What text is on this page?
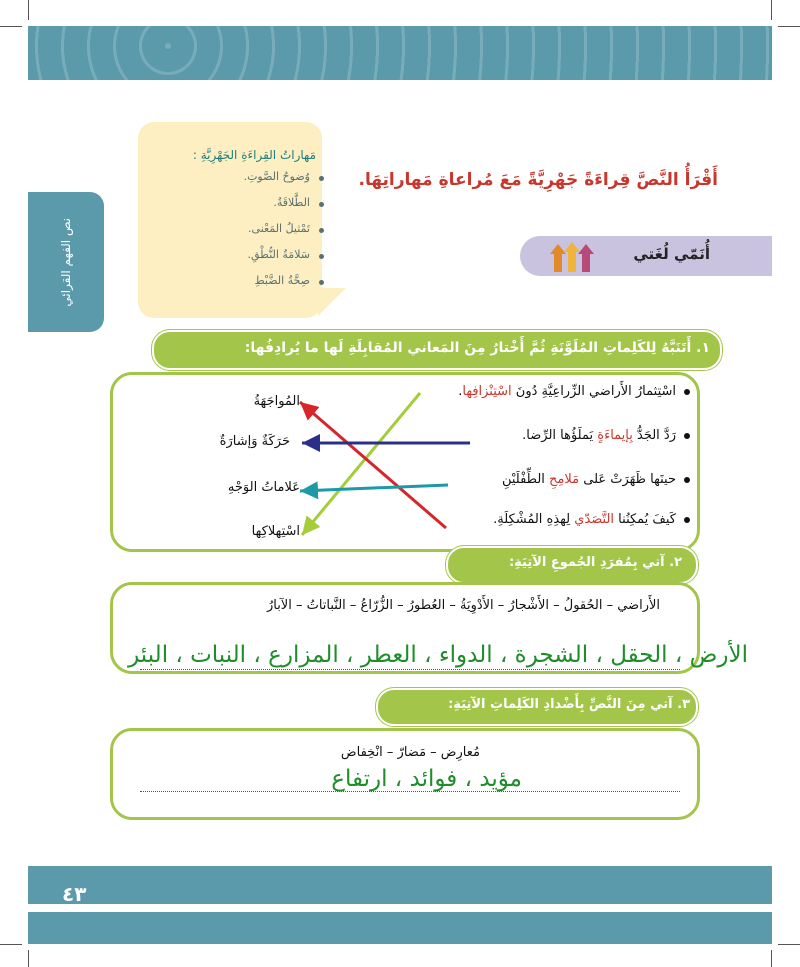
٤٣
نص الفهم القرائي
مَهاراتُ القِراءَةِ الجَهْرِيَّةِ :
وُضوحُ الصَّوتِ.
الطَّلاقَةُ.
تَمْثيلُ المَعْنى.
سَلامَةُ النُّطْقِ.
صِحَّةُ الضَّبْطِ
أَقْرَأُ النَّصَّ قِراءَةً جَهْرِيَّةً مَعَ مُراعاةِ مَهاراتِهَا.
أُنَمّي لُغَتي
١. أَتَنَبَّهُ لِلكَلِماتِ المُلَوَّنَةِ ثُمَّ أَخْتارُ مِنَ المَعاني المُقابِلَةِ لَها ما يُرادِفُها:
اسْتِثمارُ الأَراضي الزِّراعِيَّةِ دُونَ اسْتِنْزافِها.
رَدَّ الجَدُّ بِإيماءَةٍ يَملَؤُها الرِّضا.
حينَها ظَهَرَتْ عَلى مَلامِحِ الطِّفْلَيْنِ
كَيفَ يُمكِنُنا التَّصَدّي لِهذِهِ المُشْكِلَةِ.
المُواجَهَةُ
حَرَكَةٌ وَإشارَةٌ
عَلاماتُ الوَجْهِ
اسْتِهلاكِها
٢. آتي بِمُفرَدِ الجُموعِ الآتِيَةِ:
الأَراضي – الحُقولُ – الأَشْجارُ – الأَدْوِيَةُ – العُطورُ – الزُّرّاعُ – النَّباتاتُ – الآبارُ
الأرض ، الحقل ، الشجرة ، الدواء ، العطر ، المزارع ، النبات ، البئر
٣. آتي مِنَ النَّصِّ بِأَضْدادِ الكَلِماتِ الآتِيَةِ:
مُعارِض – مَضارّ – انْخِفاض
مؤيد ، فوائد ، ارتفاع
